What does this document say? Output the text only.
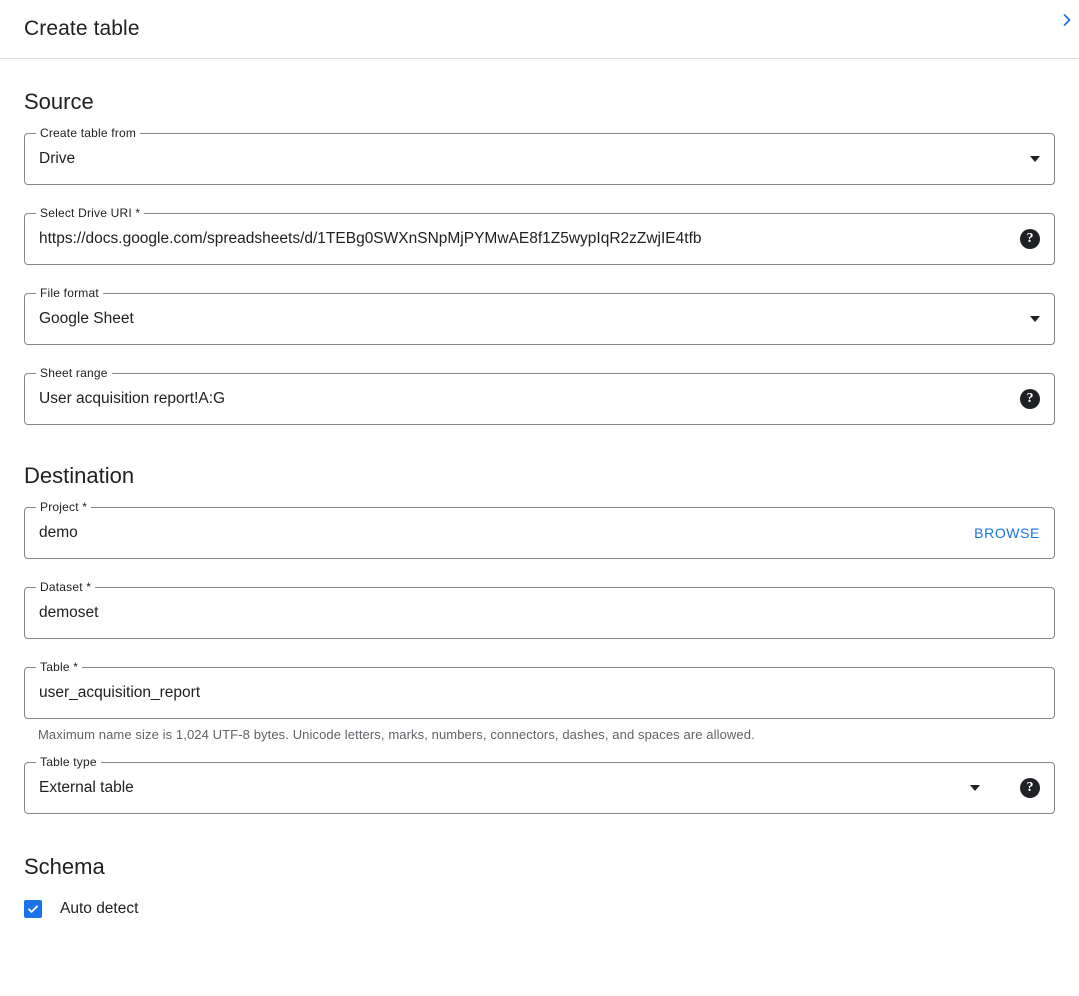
Create table
Source
Create table from
Drive
Select Drive URI *
https://docs.google.com/spreadsheets/d/1TEBg0SWXnSNpMjPYMwAE8f1Z5wypIqR2zZwjIE4tfb	?
File format
Google Sheet
Sheet range
User acquisition report!A:G	?
Destination
Project *
demo	BROWSE
Dataset *
demoset
Table *
user_acquisition_report
Maximum name size is 1,024 UTF-8 bytes. Unicode letters, marks, numbers, connectors, dashes, and spaces are allowed.
Table type
External table	?
Schema
Auto detect
